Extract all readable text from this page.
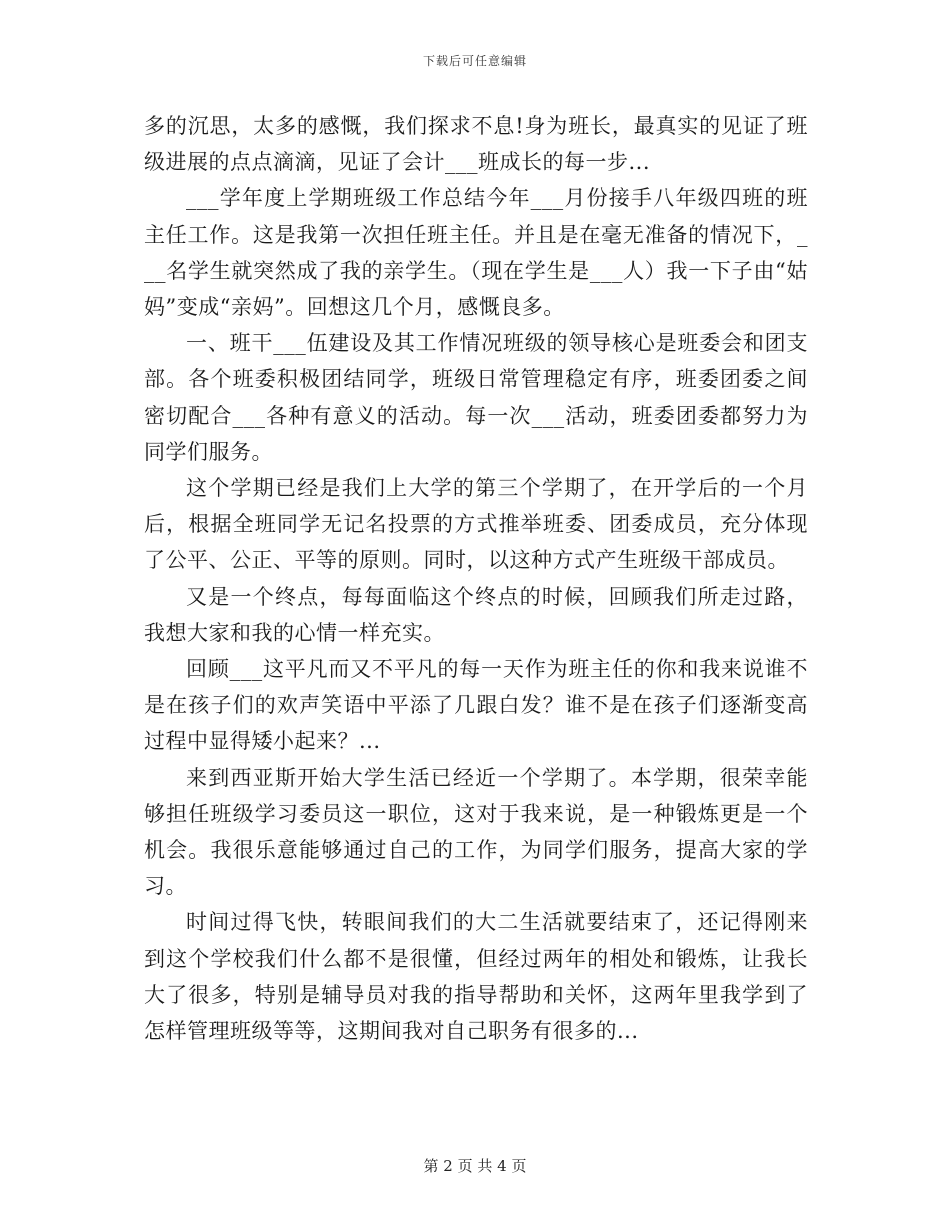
下载后可任意编辑

多的沉思，太多的感慨，我们探求不息!身为班长，最真实的见证了班级进展的点点滴滴，见证了会计___班成长的每一步...

___学年度上学期班级工作总结今年___月份接手八年级四班的班主任工作。这是我第一次担任班主任。并且是在毫无准备的情况下，___名学生就突然成了我的亲学生。（现在学生是___人）我一下子由“姑妈”变成“亲妈”。回想这几个月，感慨良多。

一、班干___伍建设及其工作情况班级的领导核心是班委会和团支部。各个班委积极团结同学，班级日常管理稳定有序，班委团委之间密切配合___各种有意义的活动。每一次___活动，班委团委都努力为同学们服务。

这个学期已经是我们上大学的第三个学期了，在开学后的一个月后，根据全班同学无记名投票的方式推举班委、团委成员，充分体现了公平、公正、平等的原则。同时，以这种方式产生班级干部成员。

又是一个终点，每每面临这个终点的时候，回顾我们所走过路，我想大家和我的心情一样充实。

回顾___这平凡而又不平凡的每一天作为班主任的你和我来说谁不是在孩子们的欢声笑语中平添了几跟白发？谁不是在孩子们逐渐变高过程中显得矮小起来？...

来到西亚斯开始大学生活已经近一个学期了。本学期，很荣幸能够担任班级学习委员这一职位，这对于我来说，是一种锻炼更是一个机会。我很乐意能够通过自己的工作，为同学们服务，提高大家的学习。

时间过得飞快，转眼间我们的大二生活就要结束了，还记得刚来到这个学校我们什么都不是很懂，但经过两年的相处和锻炼，让我长大了很多，特别是辅导员对我的指导帮助和关怀，这两年里我学到了怎样管理班级等等，这期间我对自己职务有很多的...

第 2 页 共 4 页
